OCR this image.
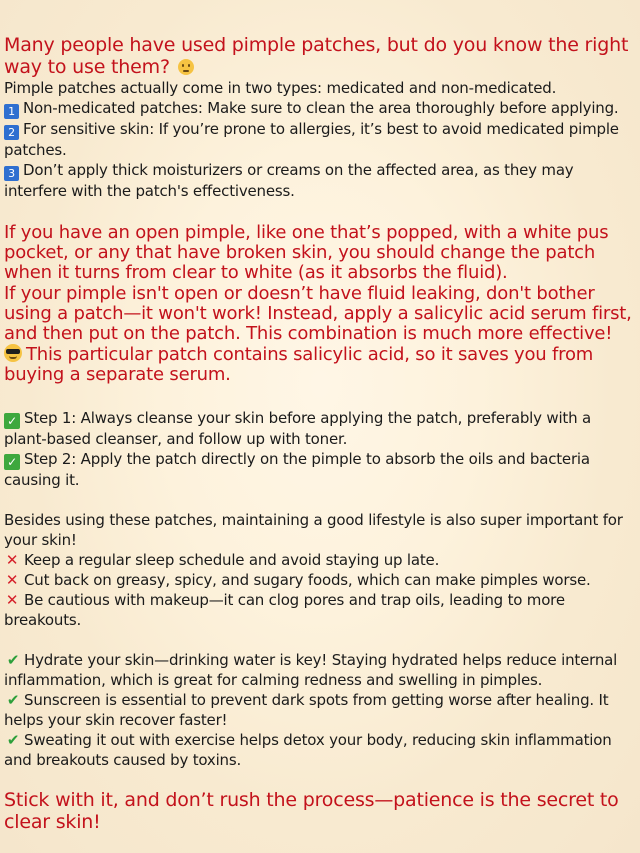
Many people have used pimple patches, but do you know the right way to use them?

Pimple patches actually come in two types: medicated and non-medicated.

1 Non-medicated patches: Make sure to clean the area thoroughly before applying.

2 For sensitive skin: If you’re prone to allergies, it’s best to avoid medicated pimple patches.

3 Don’t apply thick moisturizers or creams on the affected area, as they may interfere with the patch's effectiveness.

If you have an open pimple, like one that’s popped, with a white pus pocket, or any that have broken skin, you should change the patch when it turns from clear to white (as it absorbs the fluid).

If your pimple isn't open or doesn’t have fluid leaking, don't bother using a patch—it won't work! Instead, apply a salicylic acid serum first, and then put on the patch. This combination is much more effective!

This particular patch contains salicylic acid, so it saves you from buying a separate serum.

✓ Step 1: Always cleanse your skin before applying the patch, preferably with a plant-based cleanser, and follow up with toner.

✓ Step 2: Apply the patch directly on the pimple to absorb the oils and bacteria causing it.

Besides using these patches, maintaining a good lifestyle is also super important for your skin!

✕ Keep a regular sleep schedule and avoid staying up late.

✕ Cut back on greasy, spicy, and sugary foods, which can make pimples worse.

✕ Be cautious with makeup—it can clog pores and trap oils, leading to more breakouts.

✔ Hydrate your skin—drinking water is key! Staying hydrated helps reduce internal inflammation, which is great for calming redness and swelling in pimples.

✔ Sunscreen is essential to prevent dark spots from getting worse after healing. It helps your skin recover faster!

✔ Sweating it out with exercise helps detox your body, reducing skin inflammation and breakouts caused by toxins.

Stick with it, and don’t rush the process—patience is the secret to clear skin!
